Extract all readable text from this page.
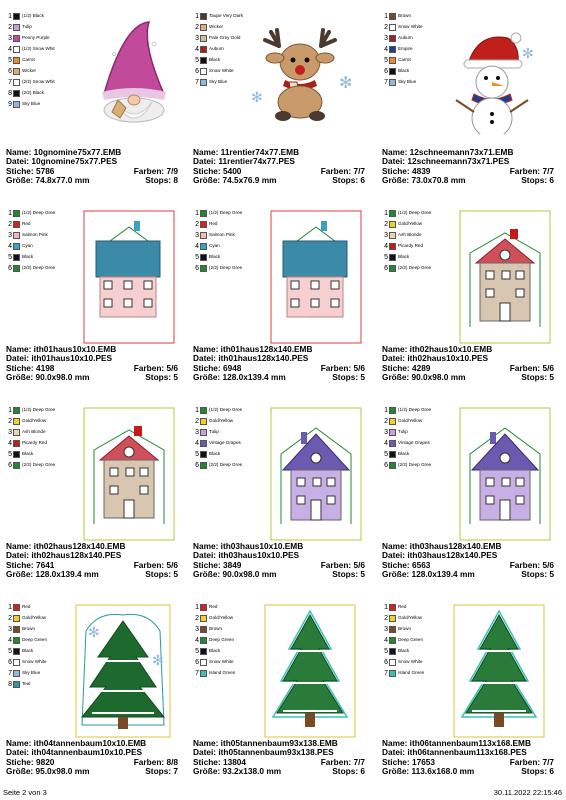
1 (1/2) Black
2 Tulip
3 Peony Purple
4 (1/2) Snow Whit
5 Carrot
6 Wicker
7 (2/2) Snow Whit
8 (2/2) Black
9 Sky Blue
Name: 10gnomine75x77.EMB
Datei: 10gnomine75x77.PES
Stiche: 5786	Farben: 7/9
Größe: 74.8x77.0 mm	Stops: 8
1 Taupe Very Dark
2 Wicker
3 Pale Grey Gold
4 Auburn
5 Black
6 Snow White
7 Sky Blue
✻
✻
Name: 11rentier74x77.EMB
Datei: 11rentier74x77.PES
Stiche: 5400	Farben: 7/7
Größe: 74.5x76.9 mm	Stops: 6
1 Brown
2 Snow White
3 Auburn
4 Empire
5 Carrot
6 Black
7 Sky Blue
✻
Name: 12schneemann73x71.EMB
Datei: 12schneemann73x71.PES
Stiche: 4839	Farben: 7/7
Größe: 73.0x70.8 mm	Stops: 6
1 (1/2) Deep Gree
2 Red
3 Salmon Pink
4 Cyan
5 Black
6 (2/2) Deep Gree
Name: ith01haus10x10.EMB
Datei: ith01haus10x10.PES
Stiche: 4198	Farben: 5/6
Größe: 90.0x98.0 mm	Stops: 5
1 (1/2) Deep Gree
2 Red
3 Salmon Pink
4 Cyan
5 Black
6 (2/2) Deep Gree
Name: ith01haus128x140.EMB
Datei: ith01haus128x140.PES
Stiche: 6948	Farben: 5/6
Größe: 128.0x139.4 mm	Stops: 5
1 (1/2) Deep Gree
2 Gold/Yellow
3 Ash Blonde
4 Picardy Red
5 Black
6 (2/2) Deep Gree
Name: ith02haus10x10.EMB
Datei: ith02haus10x10.PES
Stiche: 4289	Farben: 5/6
Größe: 90.0x98.0 mm	Stops: 5
1 (1/2) Deep Gree
2 Gold/Yellow
3 Ash Blonde
4 Picardy Red
5 Black
6 (2/2) Deep Gree
Name: ith02haus128x140.EMB
Datei: ith02haus128x140.PES
Stiche: 7641	Farben: 5/6
Größe: 128.0x139.4 mm	Stops: 5
1 (1/2) Deep Gree
2 Gold/Yellow
3 Tulip
4 Vintage Grapes
5 Black
6 (2/2) Deep Gree
Name: ith03haus10x10.EMB
Datei: ith03haus10x10.PES
Stiche: 3849	Farben: 5/6
Größe: 90.0x98.0 mm	Stops: 5
1 (1/2) Deep Gree
2 Gold/Yellow
3 Tulip
4 Vintage Grapes
5 Black
6 (2/2) Deep Gree
Name: ith03haus128x140.EMB
Datei: ith03haus128x140.PES
Stiche: 6563	Farben: 5/6
Größe: 128.0x139.4 mm	Stops: 5
1 Red
2 Gold/Yellow
3 Brown
4 Deep Green
5 Black
6 Snow White
7 Sky Blue
8 Teal
✻
✻
Name: ith04tannenbaum10x10.EMB
Datei: ith04tannenbaum10x10.PES
Stiche: 9820	Farben: 8/8
Größe: 95.0x98.0 mm	Stops: 7
1 Red
2 Gold/Yellow
3 Brown
4 Deep Green
5 Black
6 Snow White
7 Island Green
Name: ith05tannenbaum93x138.EMB
Datei: ith05tannenbaum93x138.PES
Stiche: 13804	Farben: 7/7
Größe: 93.2x138.0 mm	Stops: 6
1 Red
2 Gold/Yellow
3 Brown
4 Deep Green
5 Black
6 Snow White
7 Island Green
Name: ith06tannenbaum113x168.EMB
Datei: ith06tannenbaum113x168.PES
Stiche: 17653	Farben: 7/7
Größe: 113.6x168.0 mm	Stops: 6
Seite 2 von 3	30.11.2022 22:15:46
